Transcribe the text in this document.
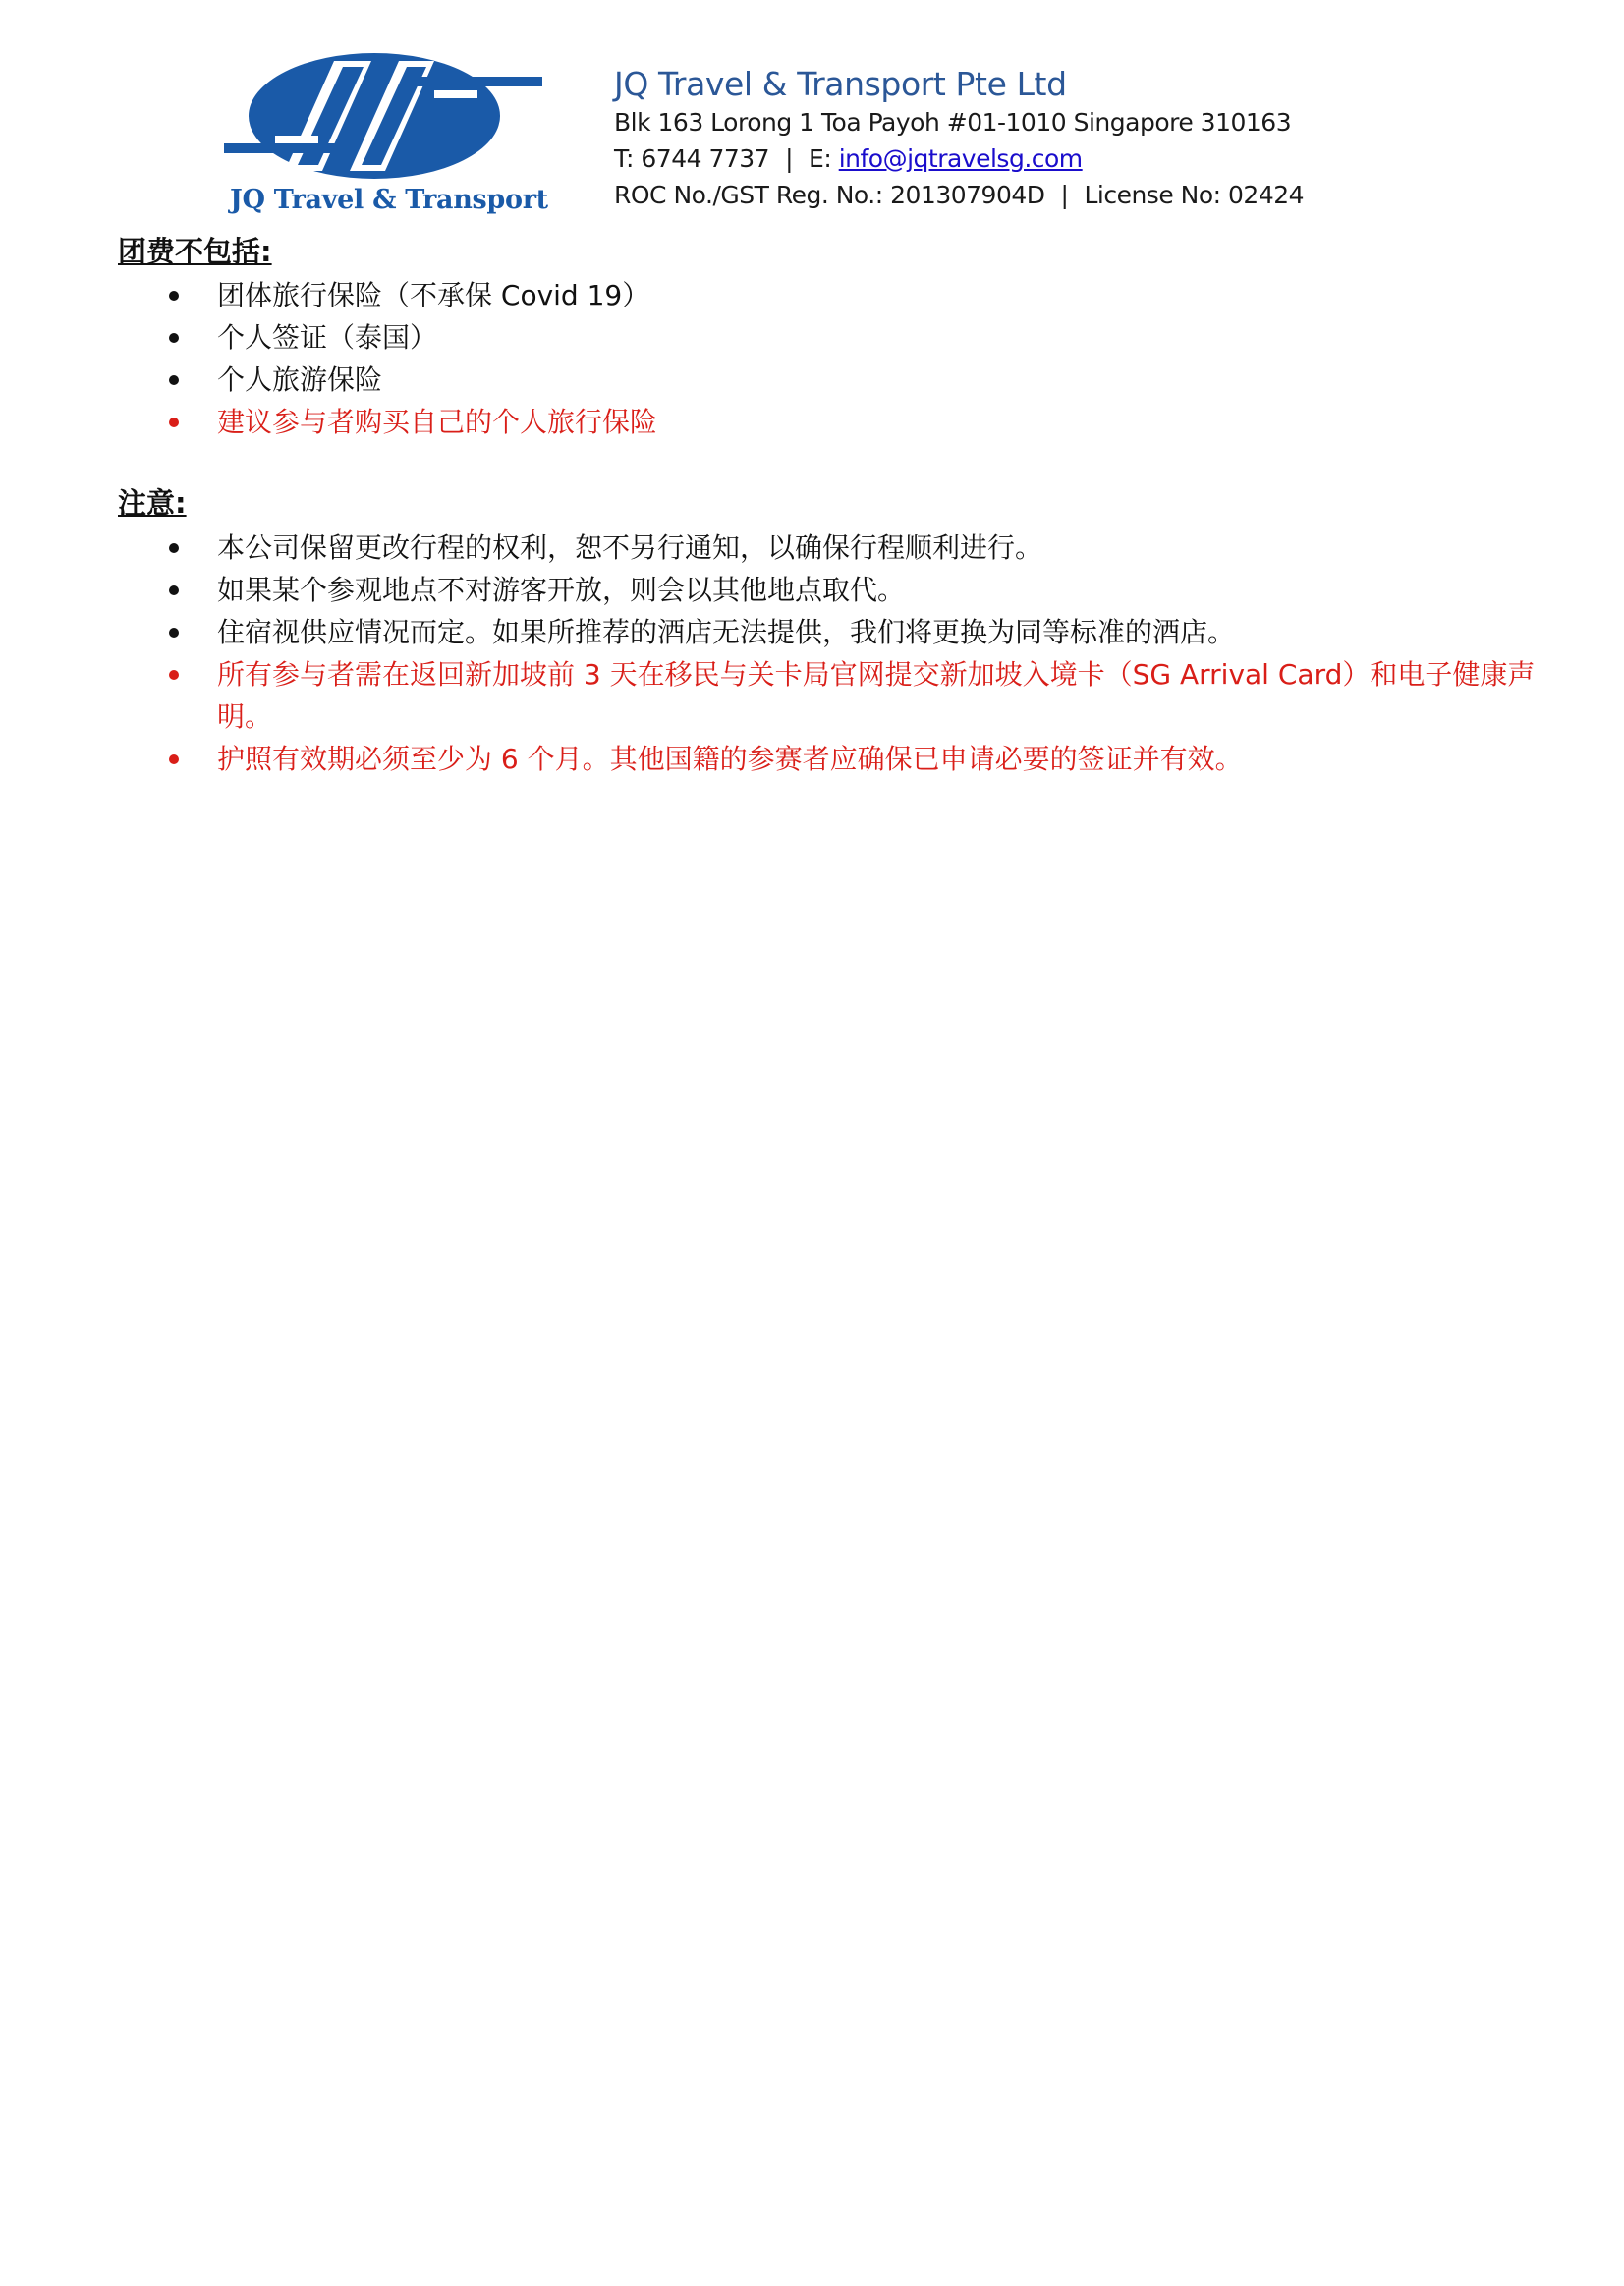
JQ Travel & Transport
JQ Travel & Transport Pte Ltd
Blk 163 Lorong 1 Toa Payoh #01-1010 Singapore 310163
T: 6744 7737 | E: info@jqtravelsg.com
ROC No./GST Reg. No.: 201307904D | License No: 02424
团费不包括:
团体旅行保险（不承保 Covid 19）
个人签证（泰国）
个人旅游保险
建议参与者购买自己的个人旅行保险
注意:
本公司保留更改行程的权利，恕不另行通知，以确保行程顺利进行。
如果某个参观地点不对游客开放，则会以其他地点取代。
住宿视供应情况而定。如果所推荐的酒店无法提供，我们将更换为同等标准的酒店。
所有参与者需在返回新加坡前 3 天在移民与关卡局官网提交新加坡入境卡（SG Arrival Card）和电子健康声明。
护照有效期必须至少为 6 个月。其他国籍的参赛者应确保已申请必要的签证并有效。
